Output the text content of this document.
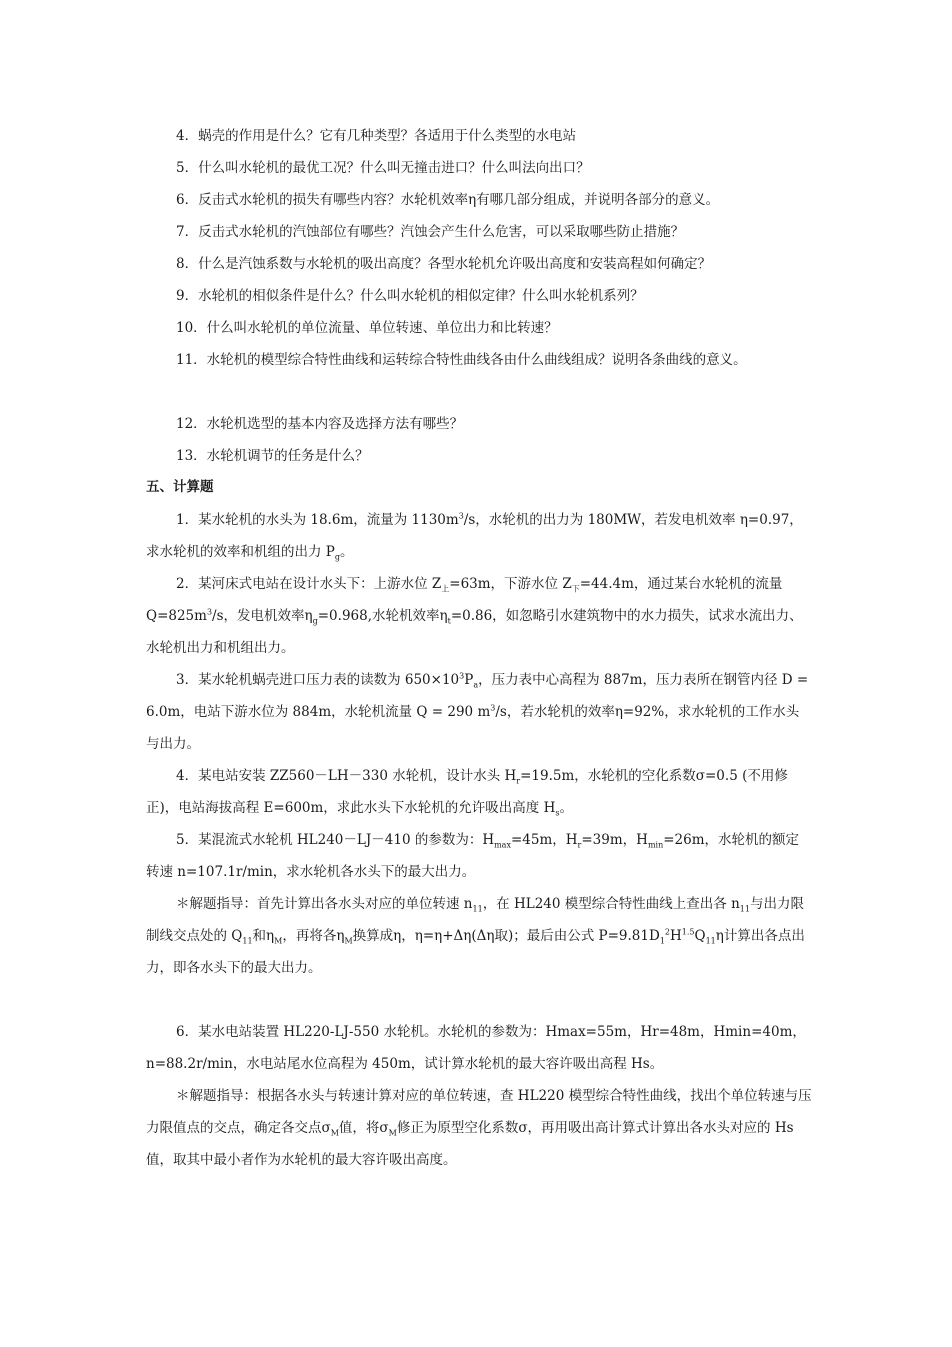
4．蜗壳的作用是什么？它有几种类型？各适用于什么类型的水电站

5．什么叫水轮机的最优工况？什么叫无撞击进口？什么叫法向出口？

6．反击式水轮机的损失有哪些内容？水轮机效率η有哪几部分组成，并说明各部分的意义。

7．反击式水轮机的汽蚀部位有哪些？汽蚀会产生什么危害，可以采取哪些防止措施？

8．什么是汽蚀系数与水轮机的吸出高度？各型水轮机允许吸出高度和安装高程如何确定？

9．水轮机的相似条件是什么？什么叫水轮机的相似定律？什么叫水轮机系列？

10．什么叫水轮机的单位流量、单位转速、单位出力和比转速？

11．水轮机的模型综合特性曲线和运转综合特性曲线各由什么曲线组成？说明各条曲线的意义。

12．水轮机选型的基本内容及选择方法有哪些？

13．水轮机调节的任务是什么？

五、计算题

1．某水轮机的水头为 18.6m，流量为 $1130m^3/s$，水轮机的出力为 180MW，若发电机效率 η=0.97，求水轮机的效率和机组的出力 $P_g$。

2．某河床式电站在设计水头下：上游水位 $Z_上=63m$，下游水位 $Z_下=44.4m$，通过某台水轮机的流量 $Q=825m^3/s$，发电机效率$\eta_g=0.968$,水轮机效率$\eta_t=0.86$，如忽略引水建筑物中的水力损失，试求水流出力、水轮机出力和机组出力。

3．某水轮机蜗壳进口压力表的读数为 $650\times 10^3P_a$，压力表中心高程为 887m，压力表所在钢管内径 D = 6.0m，电站下游水位为 884m，水轮机流量 Q = 290 $m^3/s$，若水轮机的效率η=92%，求水轮机的工作水头与出力。

4．某电站安装 ZZ560－LH－330 水轮机，设计水头 $H_r=19.5m$，水轮机的空化系数σ=0.5 (不用修正)，电站海拔高程 E=600m，求此水头下水轮机的允许吸出高度 $H_s$。

5．某混流式水轮机 HL240－LJ－410 的参数为：$H_{max}=45m$，$H_r=39m$，$H_{min}=26m$，水轮机的额定转速 n=107.1r/min，求水轮机各水头下的最大出力。

＊解题指导：首先计算出各水头对应的单位转速 $n_{11}$，在 HL240 模型综合特性曲线上查出各 $n_{11}$与出力限制线交点处的 $Q_{11}$和$\eta_M$，再将各$\eta_M$换算成η，η=η+Δη(Δη取)；最后由公式 $P=9.81D_1^2H^{1.5}Q_{11}\eta$计算出各点出力，即各水头下的最大出力。

6．某水电站装置 HL220-LJ-550 水轮机。水轮机的参数为：Hmax=55m，Hr=48m，Hmin=40m，n=88.2r/min，水电站尾水位高程为 450m，试计算水轮机的最大容许吸出高程 Hs。

＊解题指导：根据各水头与转速计算对应的单位转速，查 HL220 模型综合特性曲线，找出个单位转速与压力限值点的交点，确定各交点$\sigma_M$值，将$\sigma_M$修正为原型空化系数σ，再用吸出高计算式计算出各水头对应的 Hs 值，取其中最小者作为水轮机的最大容许吸出高度。
